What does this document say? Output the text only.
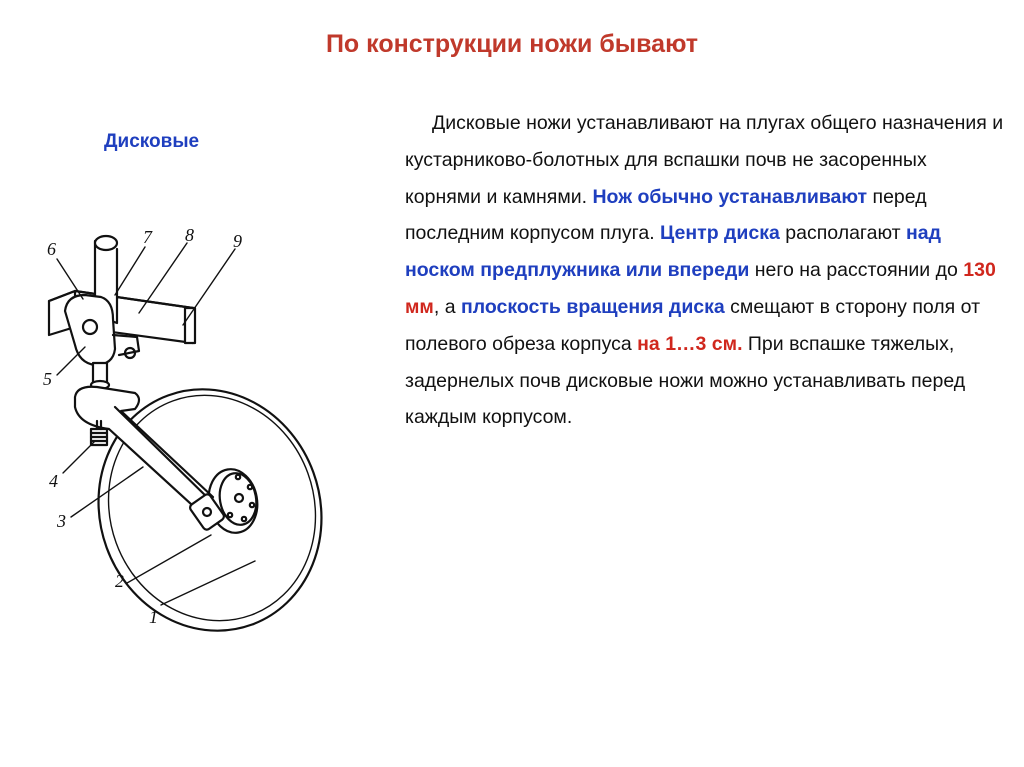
По конструкции ножи бывают
Дисковые
6
7 8 9
5
4
3
2
1

Дисковые ножи устанавливают на плугах общего назначения и кустарниково-болотных для вспашки почв не засоренных корнями и камнями. Нож обычно устанавливают перед последним корпусом плуга. Центр диска располагают над носком предплужника или впереди него на расстоянии до 130 мм, а плоскость вращения диска смещают в сторону поля от полевого обреза корпуса на 1…3 см. При вспашке тяжелых, задернелых почв дисковые ножи можно устанавливать перед каждым корпусом.
